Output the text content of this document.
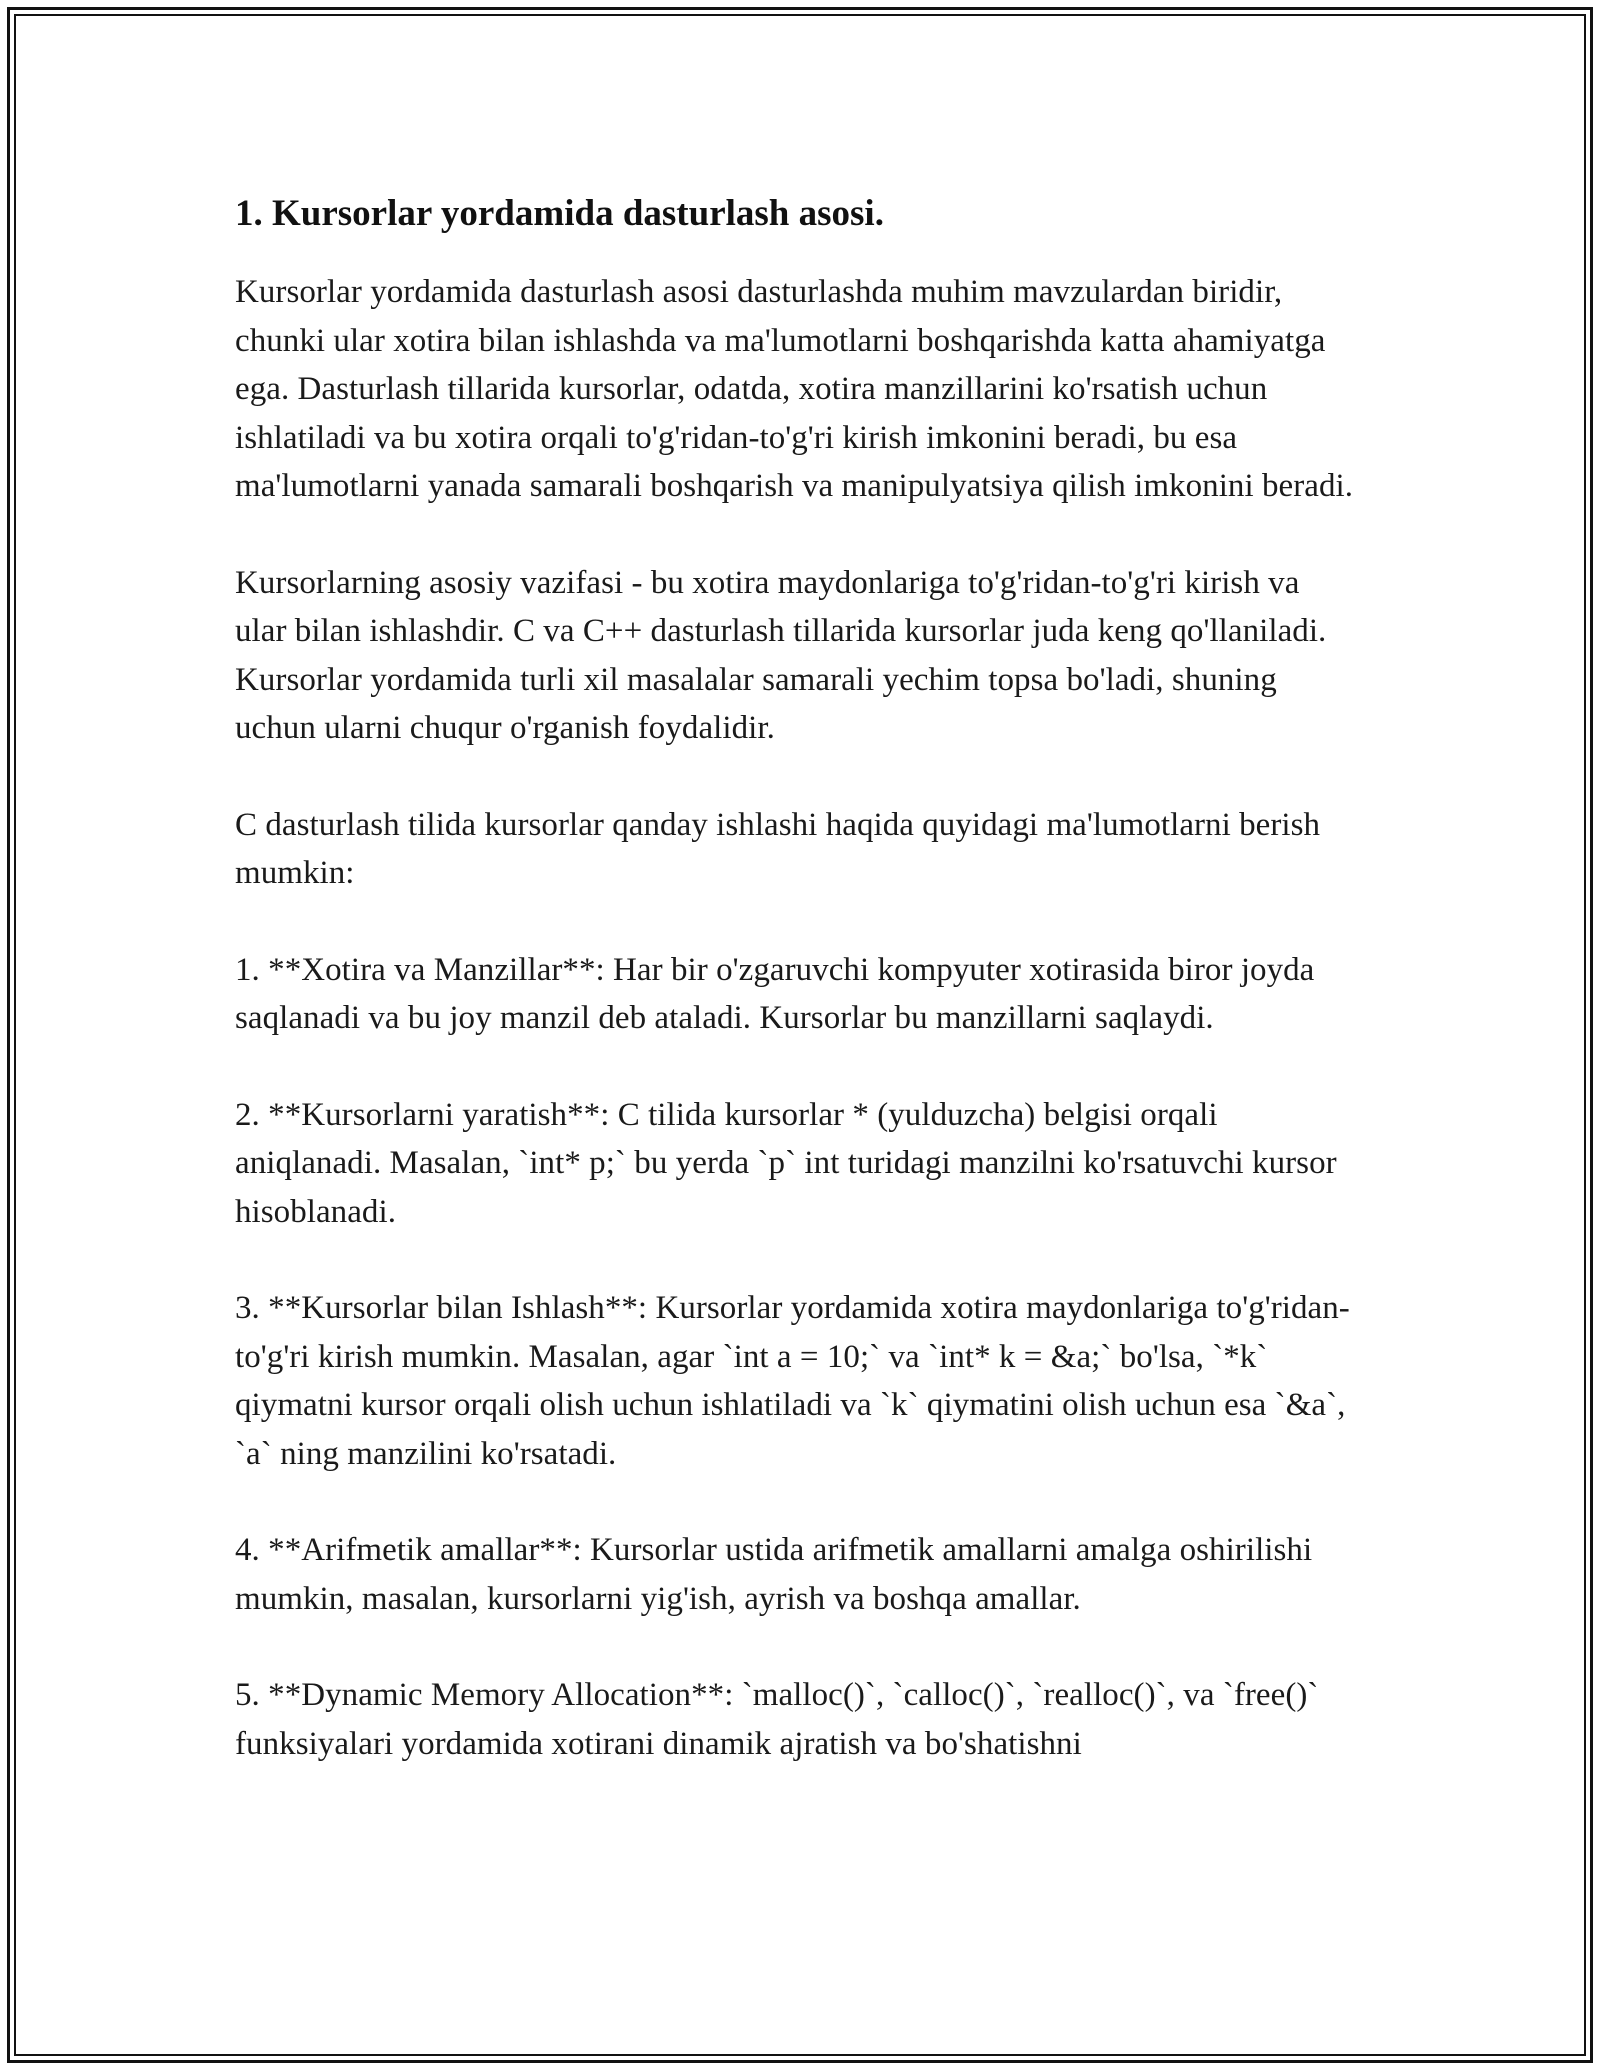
1. Kursorlar yordamida dasturlash asosi.

Kursorlar yordamida dasturlash asosi dasturlashda muhim mavzulardan biridir, chunki ular xotira bilan ishlashda va ma'lumotlarni boshqarishda katta ahamiyatga ega. Dasturlash tillarida kursorlar, odatda, xotira manzillarini ko'rsatish uchun ishlatiladi va bu xotira orqali to'g'ridan-to'g'ri kirish imkonini beradi, bu esa ma'lumotlarni yanada samarali boshqarish va manipulyatsiya qilish imkonini beradi.

Kursorlarning asosiy vazifasi - bu xotira maydonlariga to'g'ridan-to'g'ri kirish va ular bilan ishlashdir. C va C++ dasturlash tillarida kursorlar juda keng qo'llaniladi. Kursorlar yordamida turli xil masalalar samarali yechim topsa bo'ladi, shuning uchun ularni chuqur o'rganish foydalidir.

C dasturlash tilida kursorlar qanday ishlashi haqida quyidagi ma'lumotlarni berish mumkin:

1. **Xotira va Manzillar**: Har bir o'zgaruvchi kompyuter xotirasida biror joyda saqlanadi va bu joy manzil deb ataladi. Kursorlar bu manzillarni saqlaydi.

2. **Kursorlarni yaratish**: C tilida kursorlar * (yulduzcha) belgisi orqali aniqlanadi. Masalan, `int* p;` bu yerda `p` int turidagi manzilni ko'rsatuvchi kursor hisoblanadi.

3. **Kursorlar bilan Ishlash**: Kursorlar yordamida xotira maydonlariga to'g'ridan-to'g'ri kirish mumkin. Masalan, agar `int a = 10;` va `int* k = &a;` bo'lsa, `*k` qiymatni kursor orqali olish uchun ishlatiladi va `k` qiymatini olish uchun esa `&a`, `a` ning manzilini ko'rsatadi.

4. **Arifmetik amallar**: Kursorlar ustida arifmetik amallarni amalga oshirilishi mumkin, masalan, kursorlarni yig'ish, ayrish va boshqa amallar.

5. **Dynamic Memory Allocation**: `malloc()`, `calloc()`, `realloc()`, va `free()` funksiyalari yordamida xotirani dinamik ajratish va bo'shatishni
